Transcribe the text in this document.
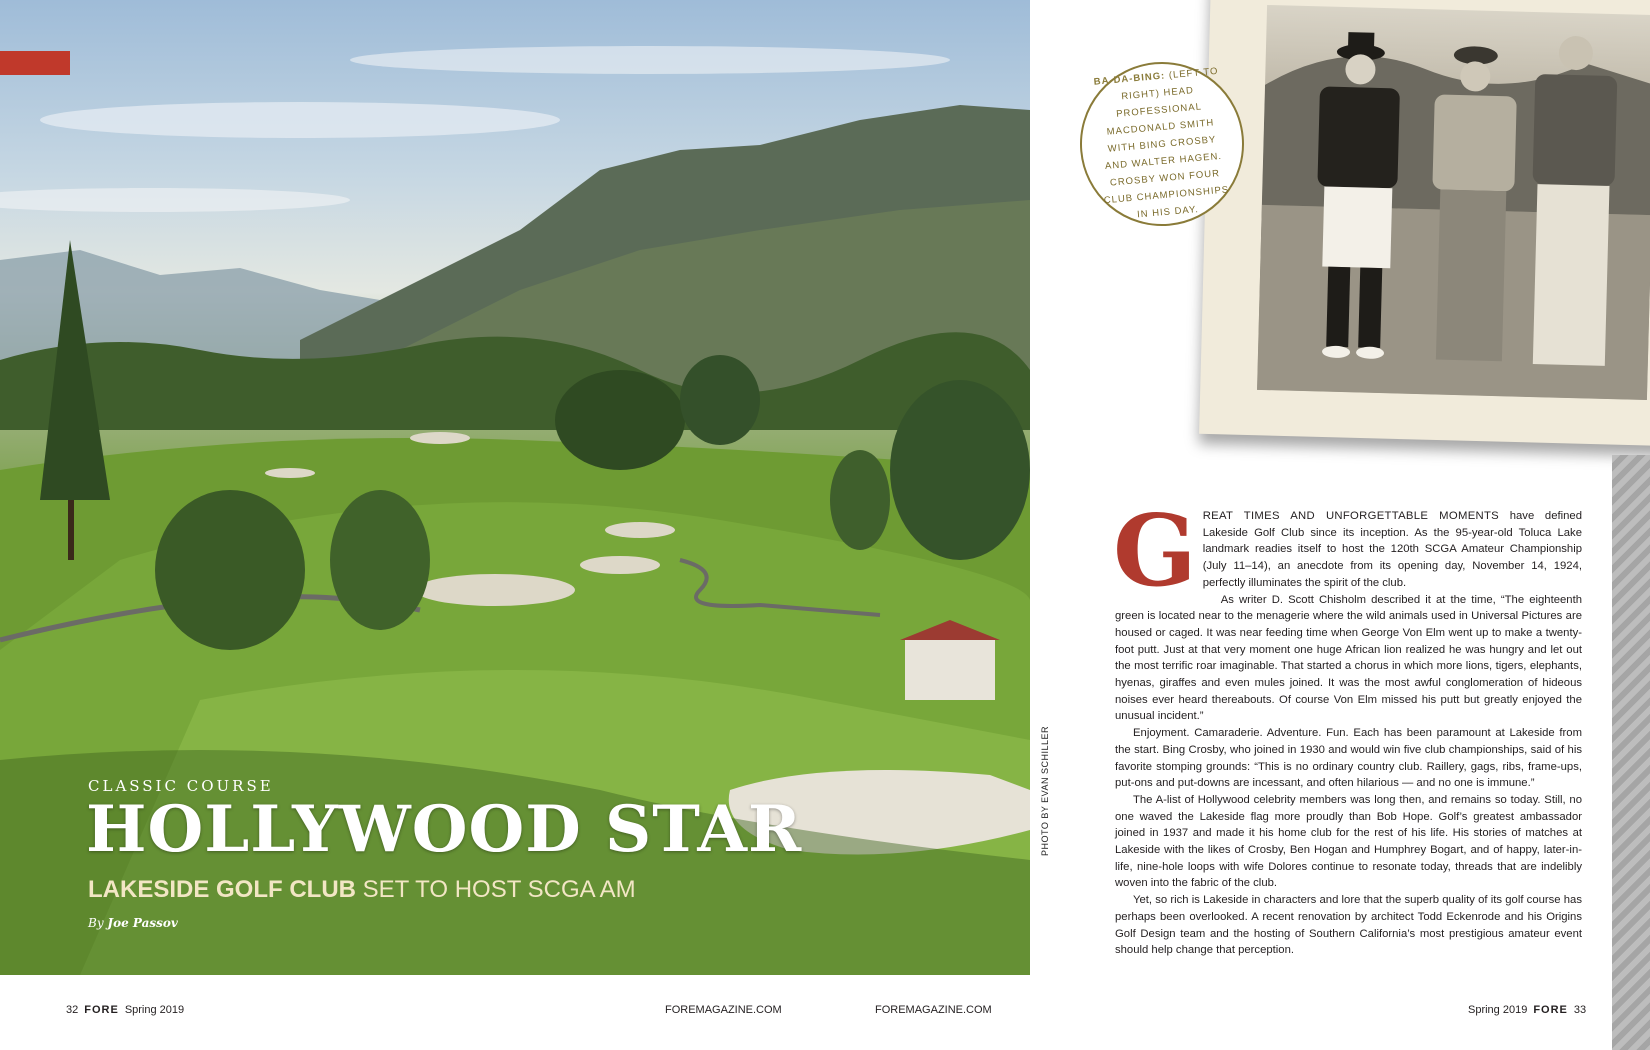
CLASSIC COURSE
HOLLYWOOD STAR
LAKESIDE GOLF CLUB SET TO HOST SCGA AM
By Joe Passov
PHOTO BY EVAN SCHILLER

BA-DA-BING: (LEFT TO RIGHT) HEAD PROFESSIONAL MACDONALD SMITH WITH BING CROSBY AND WALTER HAGEN. CROSBY WON FOUR CLUB CHAMPIONSHIPS IN HIS DAY.

GREAT TIMES AND UNFORGETTABLE MOMENTS have defined Lakeside Golf Club since its inception. As the 95-year-old Toluca Lake landmark readies itself to host the 120th SCGA Amateur Championship (July 11–14), an anecdote from its opening day, November 14, 1924, perfectly illuminates the spirit of the club.

As writer D. Scott Chisholm described it at the time, “The eighteenth green is located near to the menagerie where the wild animals used in Universal Pictures are housed or caged. It was near feeding time when George Von Elm went up to make a twenty-foot putt. Just at that very moment one huge African lion realized he was hungry and let out the most terrific roar imaginable. That started a chorus in which more lions, tigers, elephants, hyenas, giraffes and even mules joined. It was the most awful conglomeration of hideous noises ever heard thereabouts. Of course Von Elm missed his putt but greatly enjoyed the unusual incident.”

Enjoyment. Camaraderie. Adventure. Fun. Each has been paramount at Lakeside from the start. Bing Crosby, who joined in 1930 and would win five club championships, said of his favorite stomping grounds: “This is no ordinary country club. Raillery, gags, ribs, frame-ups, put-ons and put-downs are incessant, and often hilarious — and no one is immune.”

The A-list of Hollywood celebrity members was long then, and remains so today. Still, no one waved the Lakeside flag more proudly than Bob Hope. Golf’s greatest ambassador joined in 1937 and made it his home club for the rest of his life. His stories of matches at Lakeside with the likes of Crosby, Ben Hogan and Humphrey Bogart, and of happy, later-in-life, nine-hole loops with wife Dolores continue to resonate today, threads that are indelibly woven into the fabric of the club.

Yet, so rich is Lakeside in characters and lore that the superb quality of its golf course has perhaps been overlooked. A recent renovation by architect Todd Eckenrode and his Origins Golf Design team and the hosting of Southern California’s most prestigious amateur event should help change that perception.

32 FORE Spring 2019	FOREMAGAZINE.COM	FOREMAGAZINE.COM	Spring 2019 FORE 33
